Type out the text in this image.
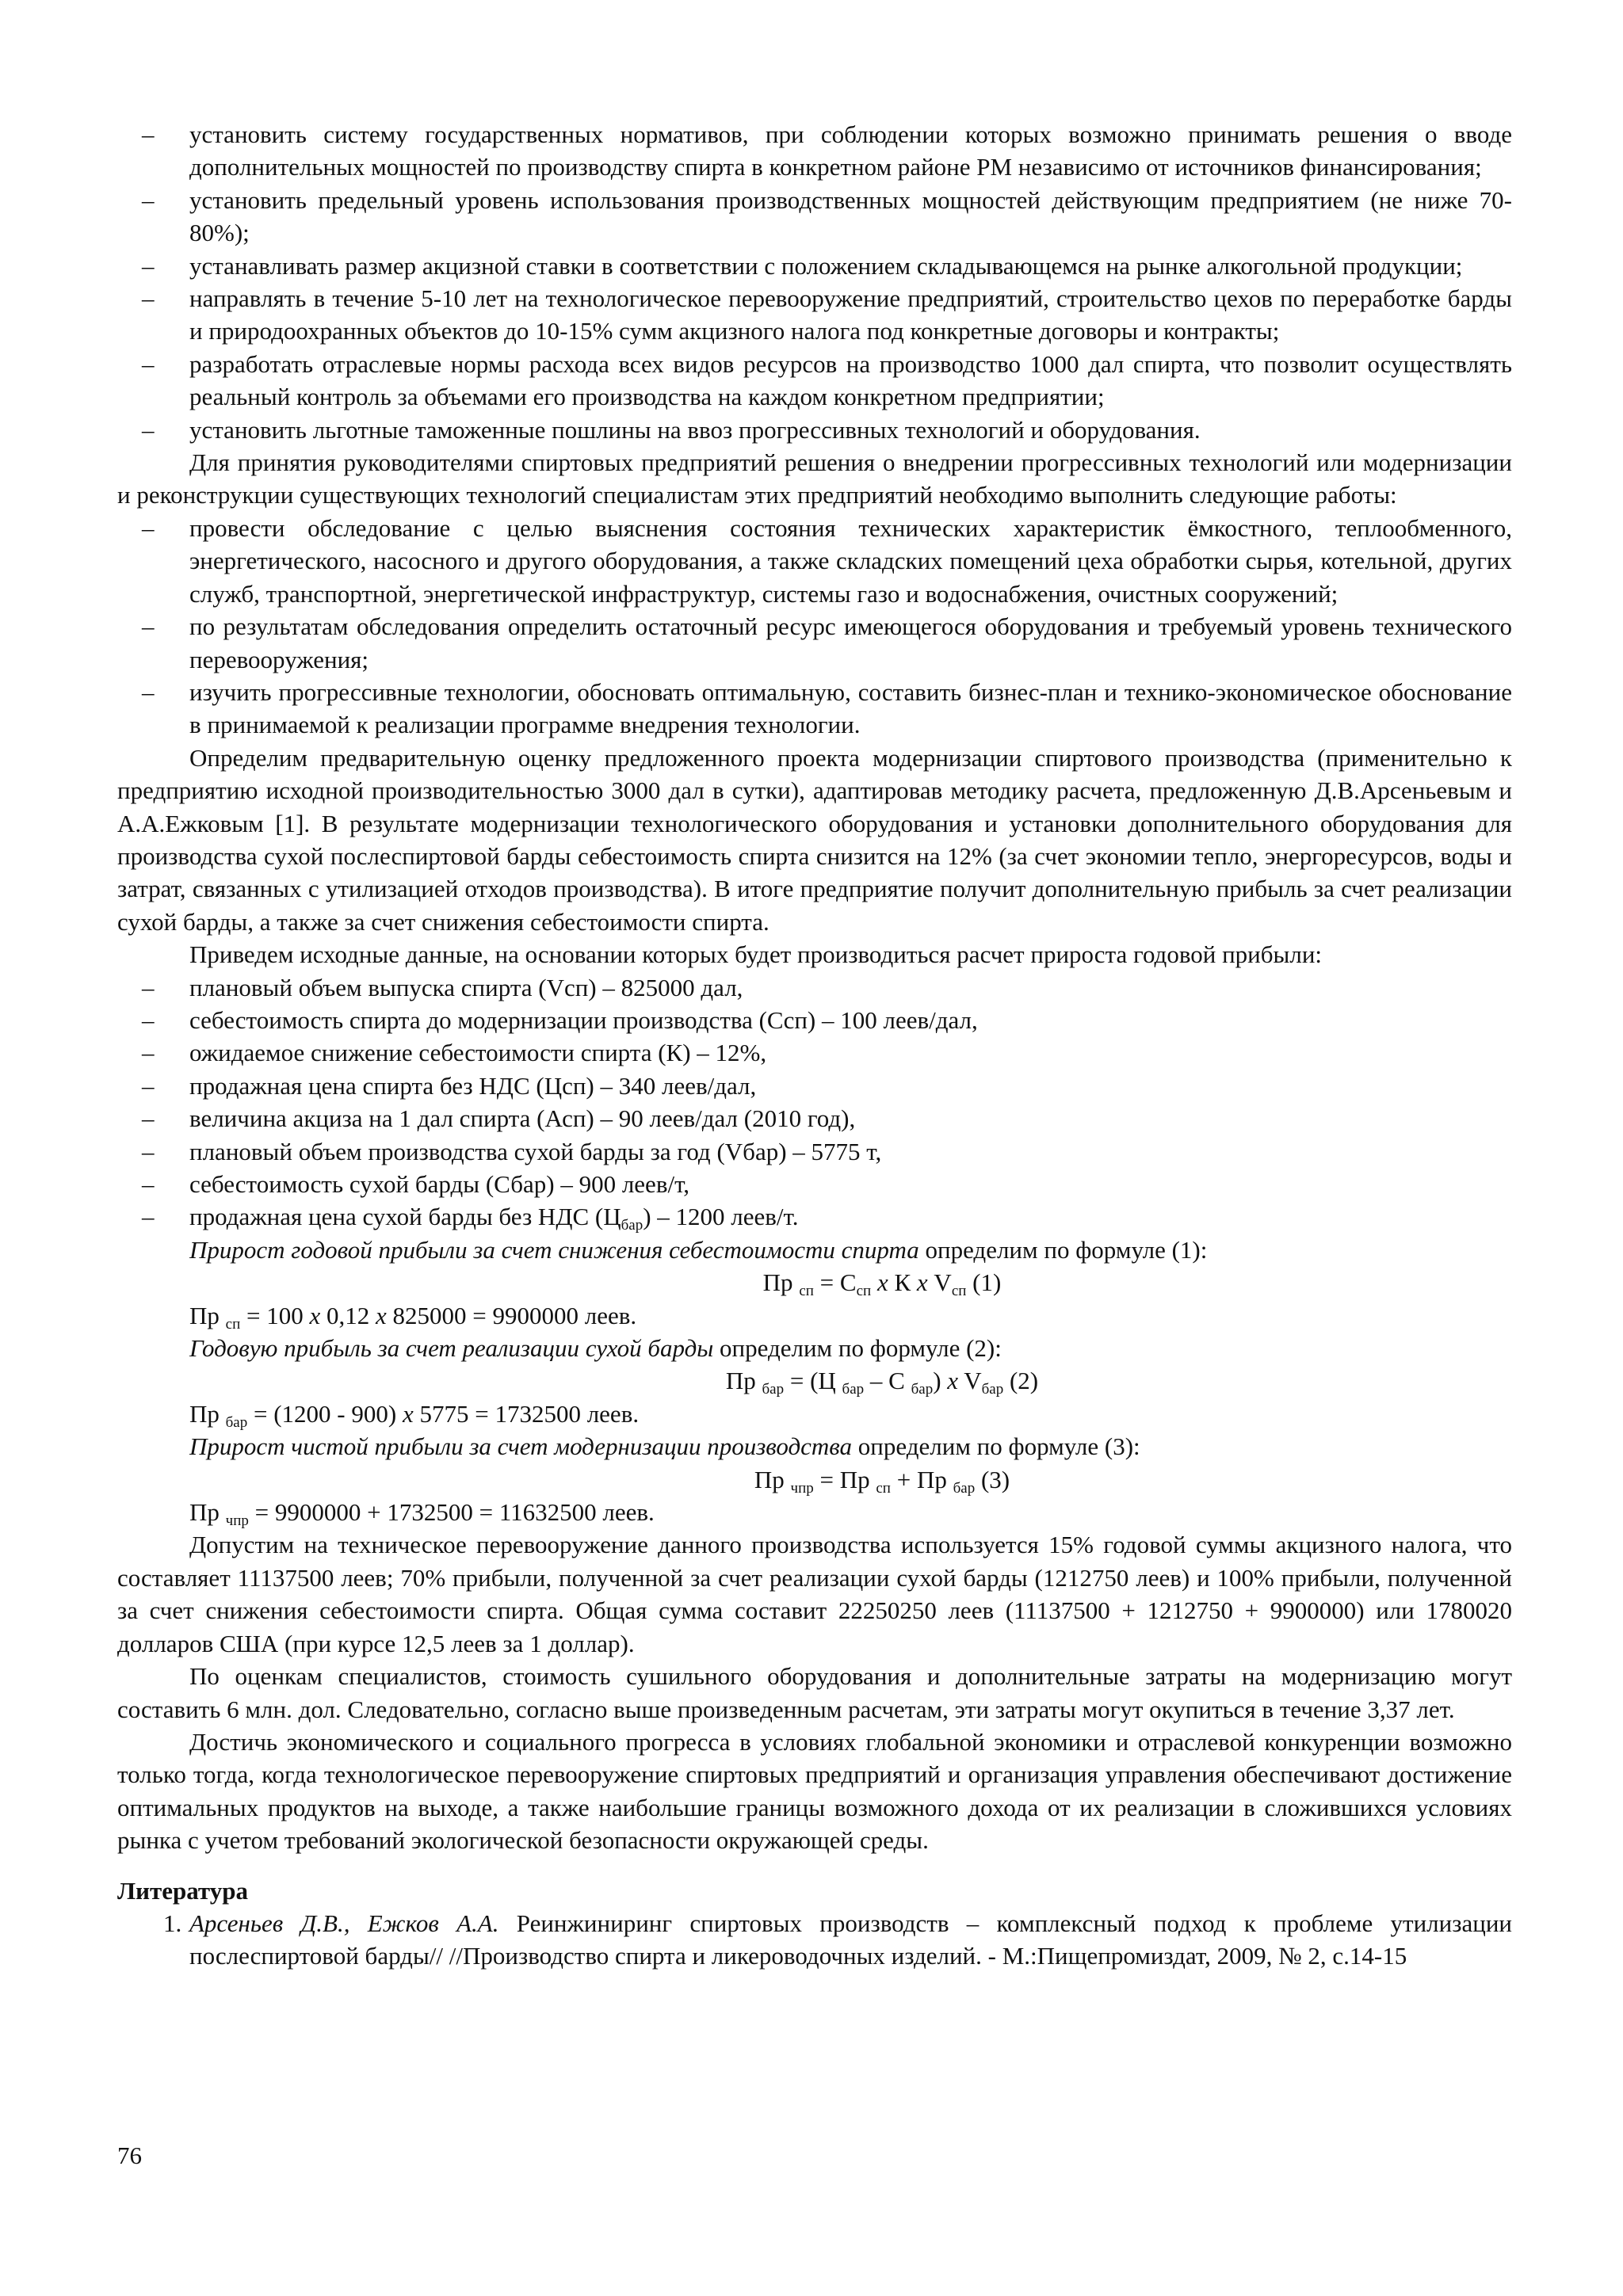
– установить систему государственных нормативов, при соблюдении которых возможно принимать решения о вводе дополнительных мощностей по производству спирта в конкретном районе РМ независимо от источников финансирования;
– установить предельный уровень использования производственных мощностей действующим предприятием (не ниже 70-80%);
– устанавливать размер акцизной ставки в соответствии с положением складывающемся на рынке алкогольной продукции;
– направлять в течение 5-10 лет на технологическое перевооружение предприятий, строительство цехов по переработке барды и природоохранных объектов до 10-15% сумм акцизного налога под конкретные договоры и контракты;
– разработать отраслевые нормы расхода всех видов ресурсов на производство 1000 дал спирта, что позволит осуществлять реальный контроль за объемами его производства на каждом конкретном предприятии;
– установить льготные таможенные пошлины на ввоз прогрессивных технологий и оборудования.

Для принятия руководителями спиртовых предприятий решения о внедрении прогрессивных технологий или модернизации и реконструкции существующих технологий специалистам этих предприятий необходимо выполнить следующие работы:

– провести обследование с целью выяснения состояния технических характеристик ёмкостного, теплообменного, энергетического, насосного и другого оборудования, а также складских помещений цеха обработки сырья, котельной, других служб, транспортной, энергетической инфраструктур, системы газо и водоснабжения, очистных сооружений;
– по результатам обследования определить остаточный ресурс имеющегося оборудования и требуемый уровень технического перевооружения;
– изучить прогрессивные технологии, обосновать оптимальную, составить бизнес-план и технико-экономическое обоснование в принимаемой к реализации программе внедрения технологии.

Определим предварительную оценку предложенного проекта модернизации спиртового производства (применительно к предприятию исходной производительностью 3000 дал в сутки), адаптировав методику расчета, предложенную Д.В.Арсеньевым и А.А.Ежковым [1]. В результате модернизации технологического оборудования и установки дополнительного оборудования для производства сухой послеспиртовой барды себестоимость спирта снизится на 12% (за счет экономии тепло, энергоресурсов, воды и затрат, связанных с утилизацией отходов производства). В итоге предприятие получит дополнительную прибыль за счет реализации сухой барды, а также за счет снижения себестоимости спирта.

Приведем исходные данные, на основании которых будет производиться расчет прироста годовой прибыли:

– плановый объем выпуска спирта (Vсп) – 825000 дал,
– себестоимость спирта до модернизации производства (Сcп) – 100 леев/дал,
– ожидаемое снижение себестоимости спирта (К) – 12%,
– продажная цена спирта без НДС (Цсп) – 340 леев/дал,
– величина акциза на 1 дал спирта (Асп) – 90 леев/дал (2010 год),
– плановый объем производства сухой барды за год (Vбар) – 5775 т,
– себестоимость сухой барды (Сбар) – 900 леев/т,
– продажная цена сухой барды без НДС $(Ц_{бар}) - 1200$ леев/т.

Прирост годовой прибыли за счет снижения себестоимости спирта определим по формуле (1):

Пр $_{сп} = С_{сп}$ x К x $V_{сп}$ (1)

Пр $_{сп}$ = 100 x 0,12 x 825000 = 9900000 леев.

Годовую прибыль за счет реализации сухой барды определим по формуле (2):

Пр $_{бар}$ = (Ц $_{бар}$ – С $_{бар}$) x $V_{бар}$ (2)

Пр $_{бар}$ = (1200 - 900) x 5775 = 1732500 леев.

Прирост чистой прибыли за счет модернизации производства определим по формуле (3):

Пр $_{чпр}$ = Пр $_{сп}$ + Пр $_{бар}$ (3)

Пр $_{чпр}$ = 9900000 + 1732500 = 11632500 леев.

Допустим на техническое перевооружение данного производства используется 15% годовой суммы акцизного налога, что составляет 11137500 леев; 70% прибыли, полученной за счет реализации сухой барды (1212750 леев) и 100% прибыли, полученной за счет снижения себестоимости спирта. Общая сумма составит 22250250 леев (11137500 + 1212750 + 9900000) или 1780020 долларов США (при курсе 12,5 леев за 1 доллар).

По оценкам специалистов, стоимость сушильного оборудования и дополнительные затраты на модернизацию могут составить 6 млн. дол. Следовательно, согласно выше произведенным расчетам, эти затраты могут окупиться в течение 3,37 лет.

Достичь экономического и социального прогресса в условиях глобальной экономики и отраслевой конкуренции возможно только тогда, когда технологическое перевооружение спиртовых предприятий и организация управления обеспечивают достижение оптимальных продуктов на выходе, а также наибольшие границы возможного дохода от их реализации в сложившихся условиях рынка с учетом требований экологической безопасности окружающей среды.

Литература
1. Арсеньев Д.В., Ежков А.А. Реинжиниринг спиртовых производств – комплексный подход к проблеме утилизации послеспиртовой барды// //Производство спирта и ликероводочных изделий. - М.:Пищепромиздат, 2009, № 2, с.14-15
76
